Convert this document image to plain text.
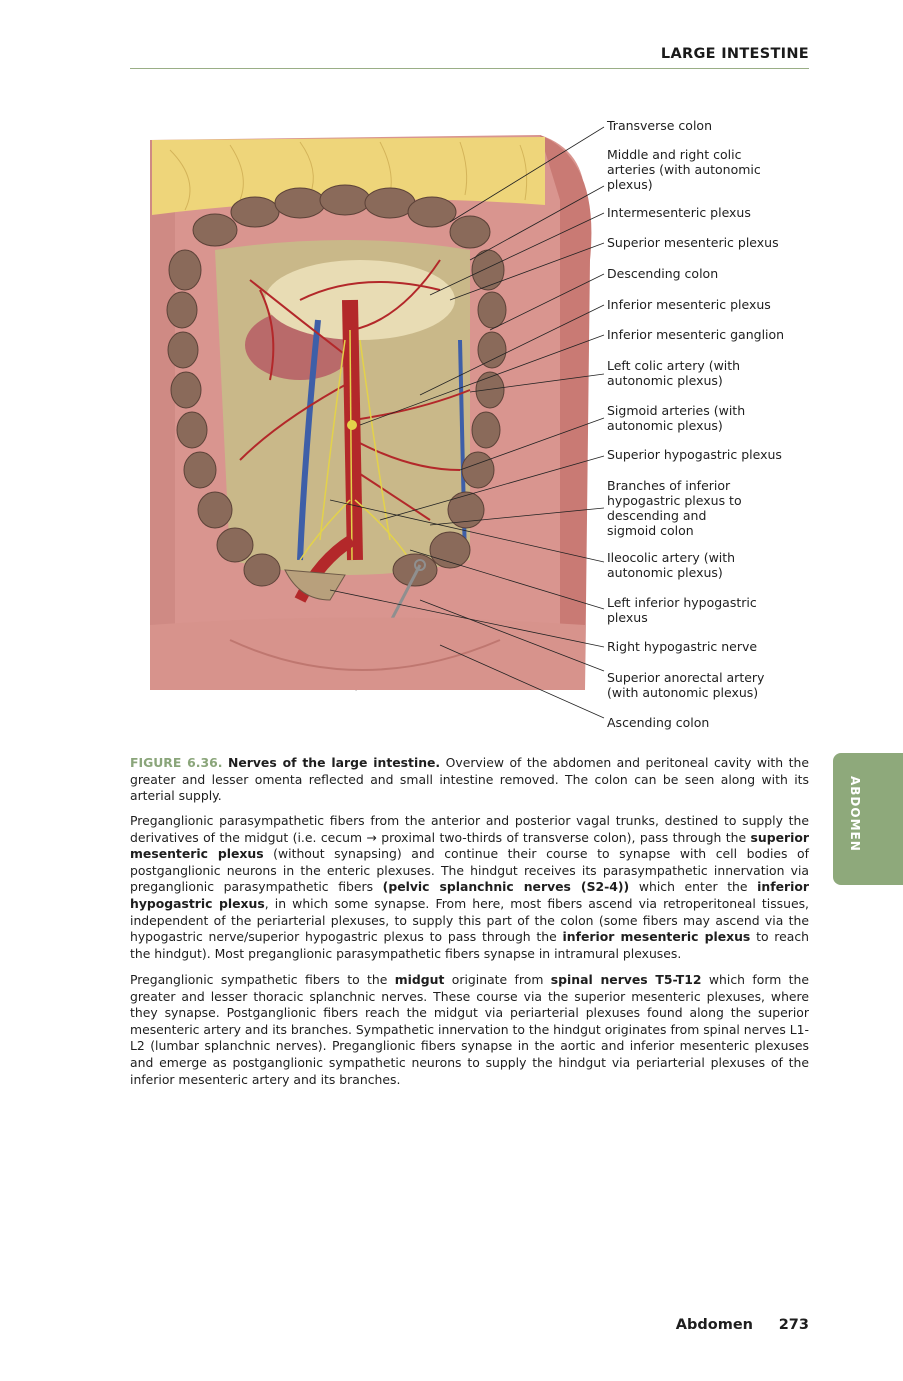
LARGE INTESTINE
Transverse colon
Middle and right colic
arteries (with autonomic
plexus)
Intermesenteric plexus
Superior mesenteric plexus
Descending colon
Inferior mesenteric plexus
Inferior mesenteric ganglion
Left colic artery (with
autonomic plexus)
Sigmoid arteries (with
autonomic plexus)
Superior hypogastric plexus
Branches of inferior
hypogastric plexus to
descending and
sigmoid colon
Ileocolic artery (with
autonomic plexus)
Left inferior hypogastric
plexus
Right hypogastric nerve
Superior anorectal artery
(with autonomic plexus)
Ascending colon
FIGURE 6.36. Nerves of the large intestine. Overview of the abdomen and peritoneal cavity with the greater and lesser omenta reflected and small intestine removed. The colon can be seen along with its arterial supply.
Preganglionic parasympathetic fibers from the anterior and posterior vagal trunks, destined to supply the derivatives of the midgut (i.e. cecum → proximal two-thirds of transverse colon), pass through the superior mesenteric plexus (without synapsing) and continue their course to synapse with cell bodies of postganglionic neurons in the enteric plexuses. The hindgut receives its parasympathetic innervation via preganglionic parasympathetic fibers (pelvic splanchnic nerves (S2-4)) which enter the inferior hypogastric plexus, in which some synapse. From here, most fibers ascend via retroperitoneal tissues, independent of the periarterial plexuses, to supply this part of the colon (some fibers may ascend via the hypogastric nerve/superior hypogastric plexus to pass through the inferior mesenteric plexus to reach the hindgut). Most preganglionic parasympathetic fibers synapse in intramural plexuses.
Preganglionic sympathetic fibers to the midgut originate from spinal nerves T5-T12 which form the greater and lesser thoracic splanchnic nerves. These course via the superior mesenteric plexuses, where they synapse. Postganglionic fibers reach the midgut via periarterial plexuses found along the superior mesenteric artery and its branches. Sympathetic innervation to the hindgut originates from spinal nerves L1-L2 (lumbar splanchnic nerves). Preganglionic fibers synapse in the aortic and inferior mesenteric plexuses and emerge as postganglionic sympathetic neurons to supply the hindgut via periarterial plexuses of the inferior mesenteric artery and its branches.
ABDOMEN
Abdomen 273
